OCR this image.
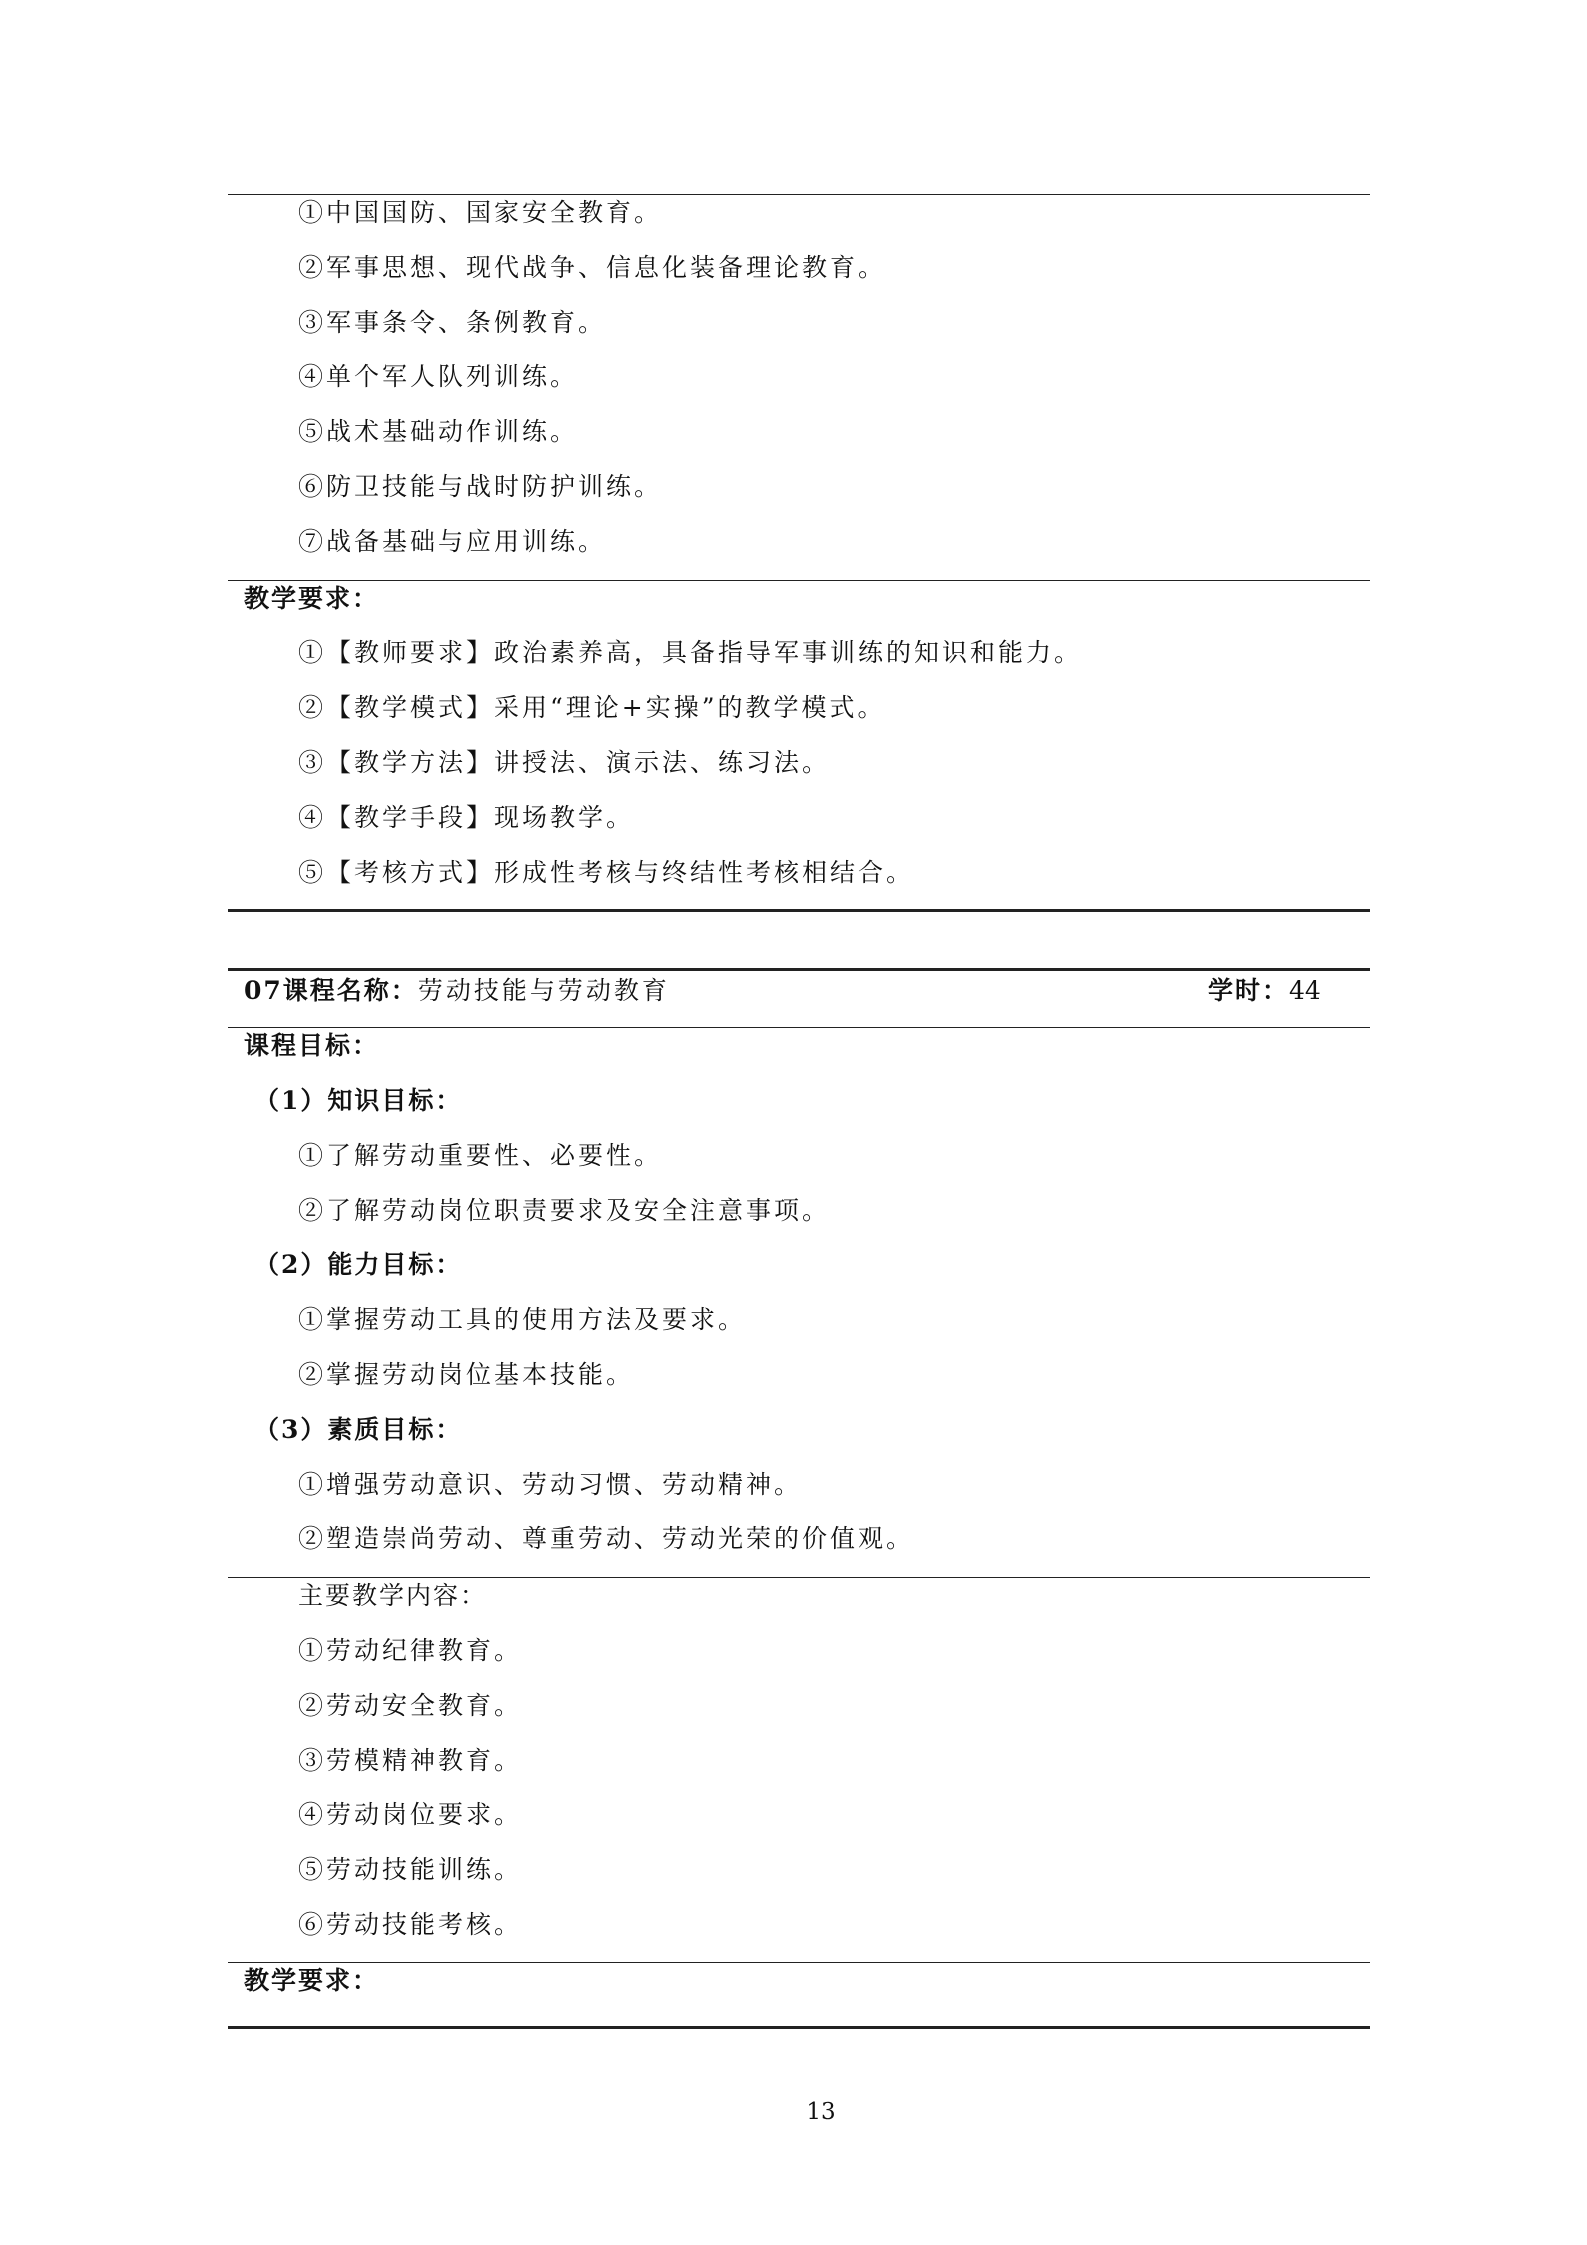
①中国国防、国家安全教育。
②军事思想、现代战争、信息化装备理论教育。
③军事条令、条例教育。
④单个军人队列训练。
⑤战术基础动作训练。
⑥防卫技能与战时防护训练。
⑦战备基础与应用训练。
教学要求：
①【教师要求】政治素养高，具备指导军事训练的知识和能力。
②【教学模式】采用“理论+实操”的教学模式。
③【教学方法】讲授法、演示法、练习法。
④【教学手段】现场教学。
⑤【考核方式】形成性考核与终结性考核相结合。
07课程名称：劳动技能与劳动教育	学时：44
课程目标：
（1）知识目标：
①了解劳动重要性、必要性。
②了解劳动岗位职责要求及安全注意事项。
（2）能力目标：
①掌握劳动工具的使用方法及要求。
②掌握劳动岗位基本技能。
（3）素质目标：
①增强劳动意识、劳动习惯、劳动精神。
②塑造崇尚劳动、尊重劳动、劳动光荣的价值观。
主要教学内容：
①劳动纪律教育。
②劳动安全教育。
③劳模精神教育。
④劳动岗位要求。
⑤劳动技能训练。
⑥劳动技能考核。
教学要求：
13
